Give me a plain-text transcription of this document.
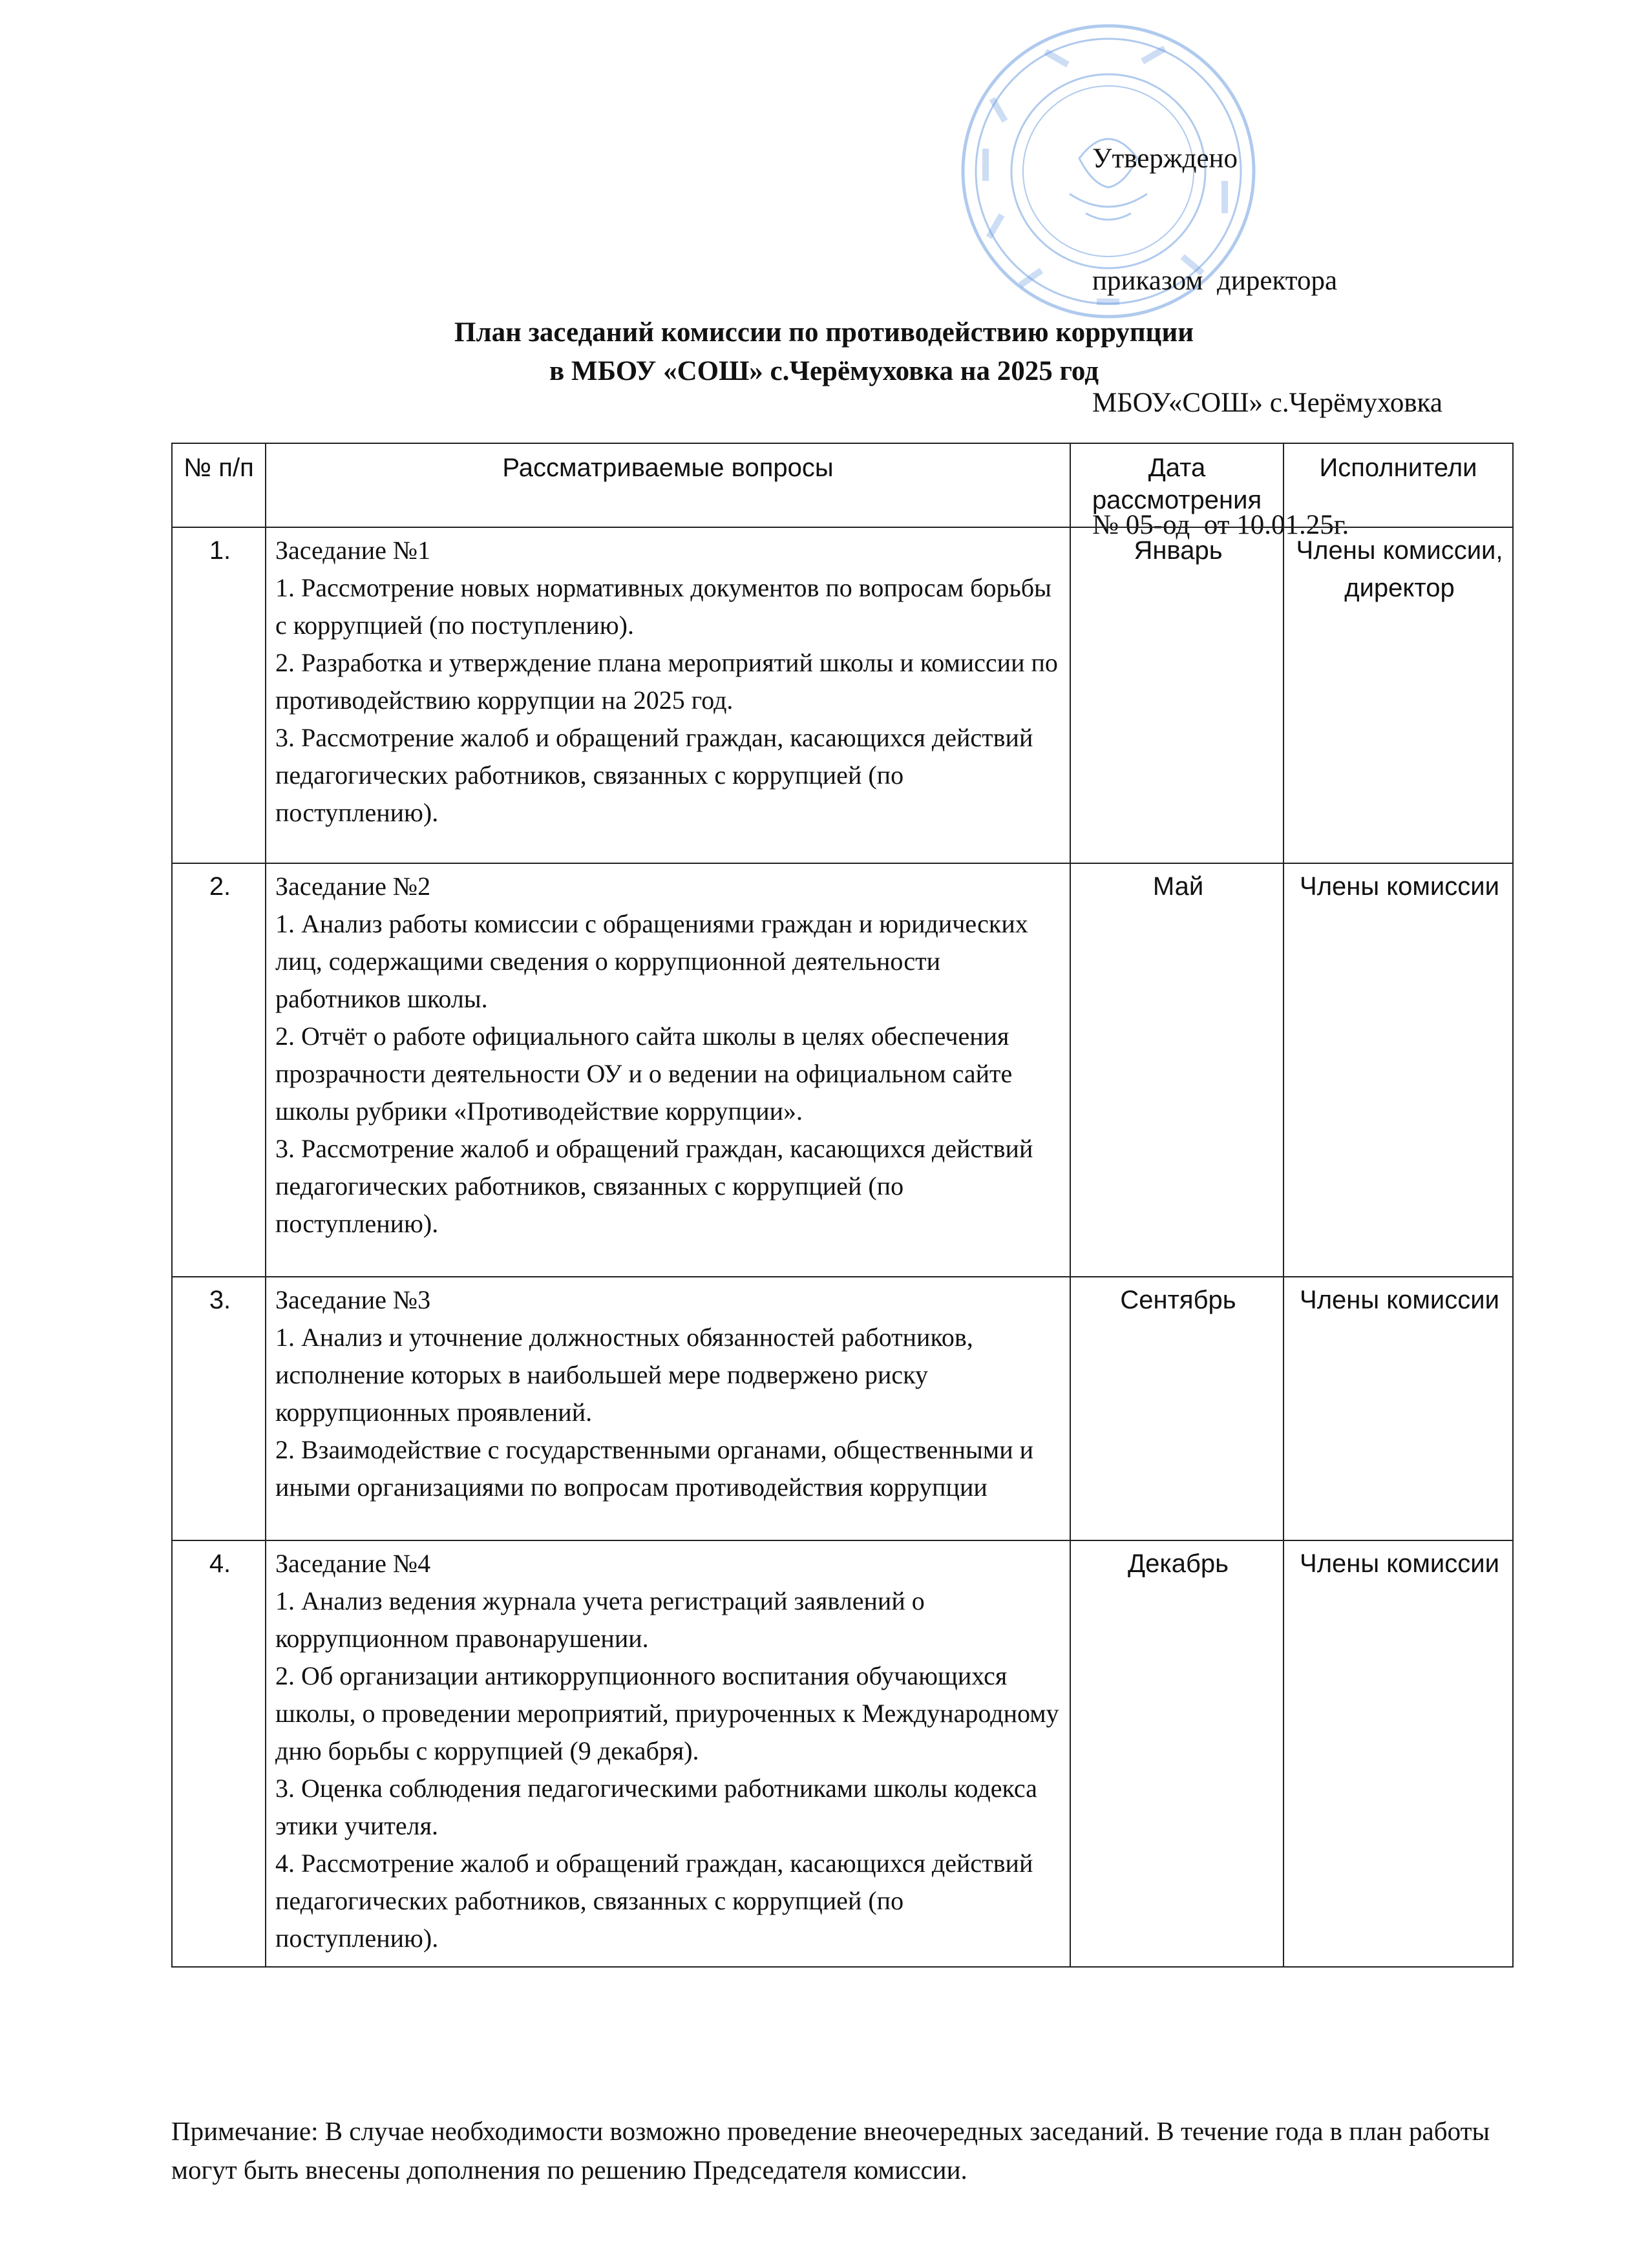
Утверждено

приказом  директора

МБОУ«СОШ» с.Черёмуховка

№ 05-од  от 10.01.25г.

План заседаний комиссии по противодействию коррупции
в МБОУ «СОШ» с.Черёмуховка на 2025 год
№ п/п	Рассматриваемые вопросы	Дата рассмотрения	Исполнители
1.	Заседание №1
1. Рассмотрение новых нормативных документов по вопросам борьбы с коррупцией (по поступлению).
2. Разработка и утверждение плана мероприятий школы и комиссии по противодействию коррупции на 2025 год.
3. Рассмотрение жалоб и обращений граждан, касающихся действий педагогических работников, связанных с коррупцией (по поступлению).	Январь	Члены комиссии, директор
2.	Заседание №2
1. Анализ работы комиссии с обращениями граждан и юридических лиц, содержащими сведения о коррупционной деятельности работников школы.
2. Отчёт о работе официального сайта школы в целях обеспечения прозрачности деятельности ОУ и о ведении на официальном сайте школы рубрики «Противодействие коррупции».
3. Рассмотрение жалоб и обращений граждан, касающихся действий педагогических работников, связанных с коррупцией (по поступлению).	Май	Члены комиссии
3.	Заседание №3
1. Анализ и уточнение должностных обязанностей работников, исполнение которых в наибольшей мере подвержено риску коррупционных проявлений.
2. Взаимодействие с государственными органами, общественными и иными организациями по вопросам противодействия коррупции	Сентябрь	Члены комиссии
4.	Заседание №4
1. Анализ ведения журнала учета регистраций заявлений о коррупционном правонарушении.
2. Об организации антикоррупционного воспитания обучающихся школы, о проведении мероприятий, приуроченных к Международному дню борьбы с коррупцией (9 декабря).
3. Оценка соблюдения педагогическими работниками школы кодекса этики учителя.
4. Рассмотрение жалоб и обращений граждан, касающихся действий педагогических работников, связанных с коррупцией (по поступлению).	Декабрь	Члены комиссии
Примечание: В случае необходимости возможно проведение внеочередных заседаний. В течение года в план работы могут быть внесены дополнения по решению Председателя комиссии.
